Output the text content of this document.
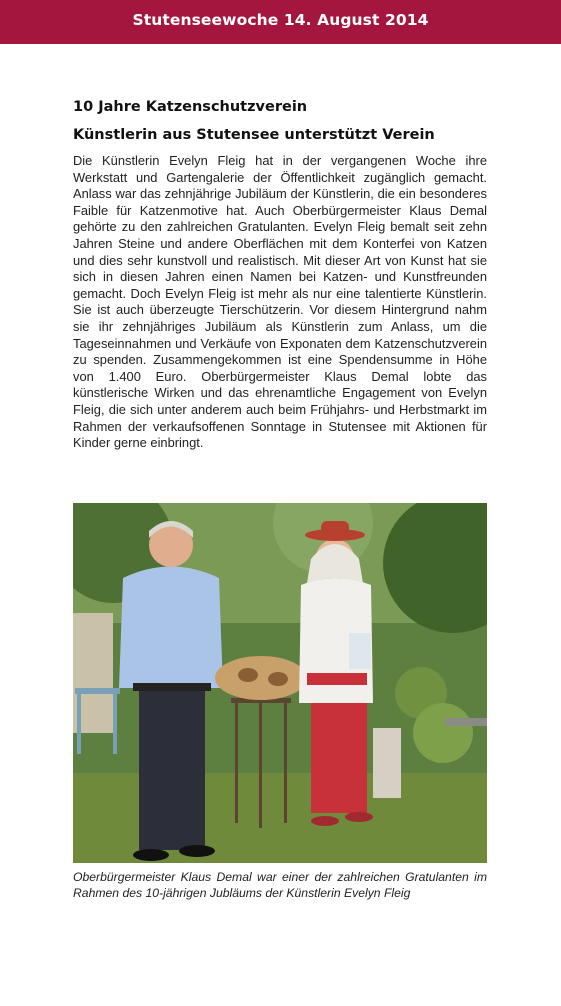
Stutenseewoche 14. August 2014
10 Jahre Katzenschutzverein
Künstlerin aus Stutensee unterstützt Verein

Die Künstlerin Evelyn Fleig hat in der vergangenen Woche ihre Werkstatt und Gartengalerie der Öffentlichkeit zugänglich gemacht. Anlass war das zehnjährige Jubiläum der Künstlerin, die ein besonderes Faible für Katzenmotive hat. Auch Oberbürgermeister Klaus Demal gehörte zu den zahlreichen Gratulanten. Evelyn Fleig bemalt seit zehn Jahren Steine und andere Oberflächen mit dem Konterfei von Katzen und dies sehr kunstvoll und realistisch. Mit dieser Art von Kunst hat sie sich in diesen Jahren einen Namen bei Katzen- und Kunstfreunden gemacht. Doch Evelyn Fleig ist mehr als nur eine talentierte Künstlerin. Sie ist auch überzeugte Tierschützerin. Vor diesem Hintergrund nahm sie ihr zehnjähriges Jubiläum als Künstlerin zum Anlass, um die Tageseinnahmen und Verkäufe von Exponaten dem Katzenschutzverein zu spenden. Zusammengekommen ist eine Spendensumme in Höhe von 1.400 Euro. Oberbürgermeister Klaus Demal lobte das künstlerische Wirken und das ehrenamtliche Engagement von Evelyn Fleig, die sich unter anderem auch beim Frühjahrs- und Herbstmarkt im Rahmen der verkaufsoffenen Sonntage in Stutensee mit Aktionen für Kinder gerne einbringt.

Oberbürgermeister Klaus Demal war einer der zahlreichen Gratulanten im Rahmen des 10-jährigen Jubläums der Künstlerin Evelyn Fleig
